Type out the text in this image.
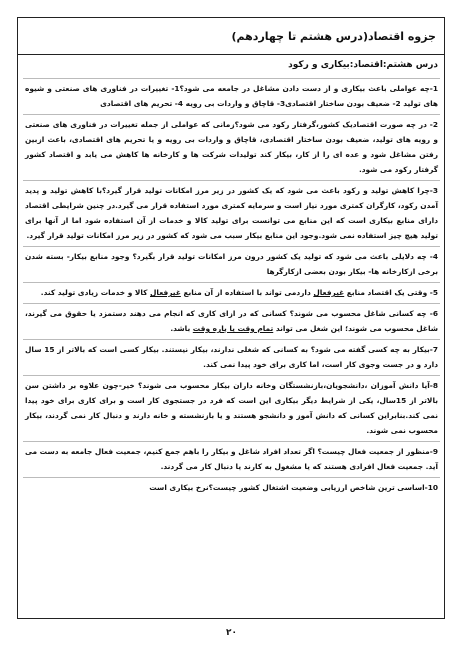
جزوه اقتصاد(درس هشتم تا چهاردهم)
درس هشتم:اقتصاد:بیکاری و رکود

1-چه عواملی باعث بیکاری و از دست دادن مشاغل در جامعه می شود؟1- تغییرات در فناوری های صنعتی و شیوه های تولید 2- ضعیف بودن ساختار اقتصادی3- قاچاق و واردات بی رویه 4- تحریم های اقتصادی

2- در چه صورت اقتصادیک کشور،گرفتار رکود می شود؟زمانی که عواملی از جمله تغییرات در فناوری های صنعتی و رویه های تولید، ضعیف بودن ساختار اقتصادی، قاچاق و واردات بی رویه و یا تحریم های اقتصادی، باعث ازبین رفتن مشاغل شود و عده ای را از کار، بیکار کند تولیدات شرکت ها و کارخانه ها کاهش می یابد و اقتصاد کشور گرفتار رکود می شود.

3-چرا کاهش تولید و رکود باعث می شود که یک کشور در زیر مرز امکانات تولید قرار گیرد؟با کاهش تولید و پدید آمدن رکود، کارگران کمتری مورد نیاز است و سرمایه کمتری مورد استفاده قرار می گیرد.در چنین شرایطی اقتصاد دارای منابع بیکاری است که این منابع می توانست برای تولید کالا و خدمات از آن استفاده شود اما از آنها برای تولید هیچ چیز استفاده نمی شود.وجود این منابع بیکار سبب می شود که کشور در زیر مرز امکانات تولید قرار گیرد.

4- چه دلایلی باعث می شود که تولید یک کشور درون مرز امکانات تولید قرار بگیرد؟ وجود منابع بیکار- بسته شدن برخی ازکارخانه ها- بیکار بودن بعضی ازکارگرها

5- وقتی یک اقتصاد منابع غیرفعال داردمی تواند با استفاده از آن منابع غیرفعال کالا و خدمات زیادی تولید کند.

6- چه کسانی شاغل محسوب می شوند؟ کسانی که در ازای کاری که انجام می دهند دستمزد یا حقوق می گیرند، شاغل محسوب می شوند؛ این شغل می تواند تمام وقت یا پاره وقت باشد.

7-بیکار به چه کسی گفته می شود؟ به کسانی که شغلی ندارند، بیکار نیستند. بیکار کسی است که بالاتر از 15 سال دارد و در جست وجوی کار است، اما کاری برای خود پیدا نمی کند.

8-آیا دانش آموزان ،دانشجویان،بازنشستگان وخانه داران بیکار محسوب می شوند؟ خیر-چون علاوه بر داشتن سن بالاتر از 15سال، یکی از شرایط دیگر بیکاری این است که فرد در جستجوی کار است و برای کاری برای خود پیدا نمی کند.بنابراین کسانی که دانش آموز و دانشجو هستند و یا بازنشسته و خانه دارند و دنبال کار نمی گردند، بیکار محسوب نمی شوند.

9-منظور از جمعیت فعال چیست؟ اگر تعداد افراد شاغل و بیکار را باهم جمع کنیم، جمعیت فعال جامعه به دست می آید. جمعیت فعال افرادی هستند که یا مشغول به کارند یا دنبال کار می گردند.

10-اساسی ترین شاخص ارزیابی وضعیت اشتغال کشور چیست؟نرخ بیکاری است

۲۰
